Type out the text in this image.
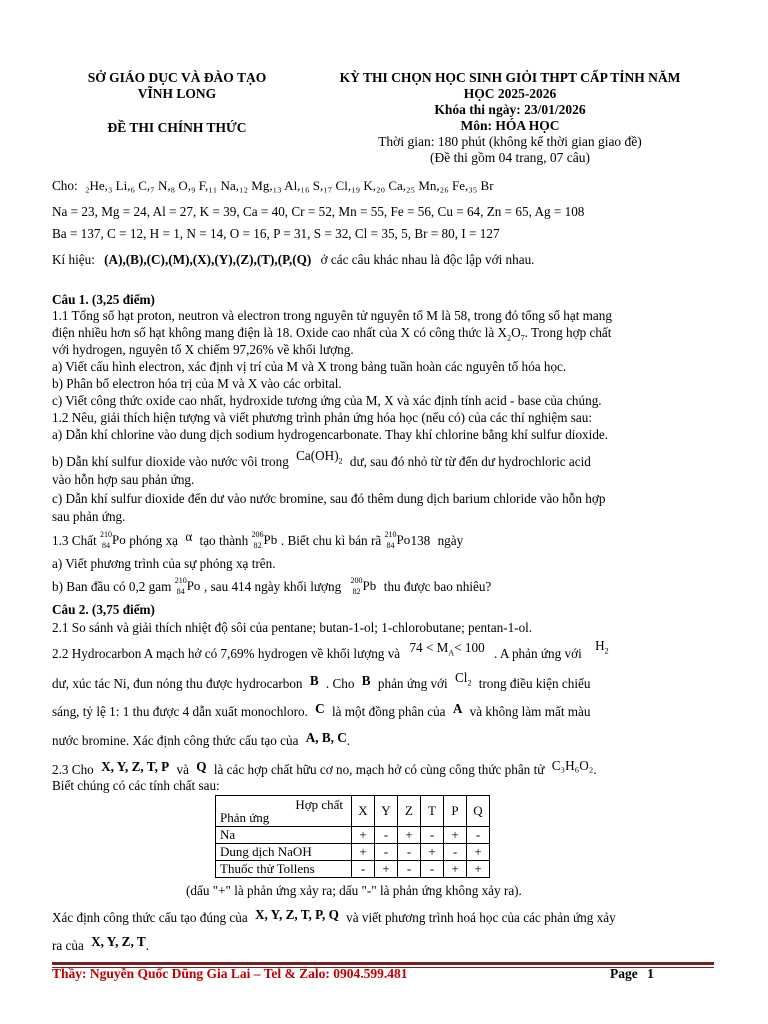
SỞ GIÁO DỤC VÀ ĐÀO TẠO
VĨNH LONG
ĐỀ THI CHÍNH THỨC
KỲ THI CHỌN HỌC SINH GIỎI THPT CẤP TỈNH NĂM
HỌC 2025-2026
Khóa thi ngày: 23/01/2026
Môn: HÓA HỌC
Thời gian: 180 phút (không kể thời gian giao đề)
(Đề thi gồm 04 trang, 07 câu)
Cho: ₂He,₃ Li,₆ C,₇ N,₈ O,₉ F,₁₁ Na,₁₂ Mg,₁₃ Al,₁₆ S,₁₇ Cl,₁₉ K,₂₀ Ca,₂₅ Mn,₂₆ Fe,₃₅ Br
Na = 23, Mg = 24, Al = 27, K = 39, Ca = 40, Cr = 52, Mn = 55, Fe = 56, Cu = 64, Zn = 65, Ag = 108
Ba = 137, C = 12, H = 1, N = 14, O = 16, P = 31, S = 32, Cl = 35, 5, Br = 80, I = 127
Kí hiệu: (A),(B),(C),(M),(X),(Y),(Z),(T),(P,(Q) ở các câu khác nhau là độc lập với nhau.
Câu 1. (3,25 điểm)
1.1 Tổng số hạt proton, neutron và electron trong nguyên tử nguyên tố M là 58, trong đó tổng số hạt mang
điện nhiều hơn số hạt không mang điện là 18. Oxide cao nhất của X có công thức là $X_2O_7$. Trong hợp chất
với hydrogen, nguyên tố X chiếm 97,26% về khối lượng.
a) Viết cấu hình electron, xác định vị trí của M và X trong bảng tuần hoàn các nguyên tố hóa học.
b) Phân bố electron hóa trị của M và X vào các orbital.
c) Viết công thức oxide cao nhất, hydroxide tương ứng của M, X và xác định tính acid - base của chúng.
1.2 Nêu, giải thích hiện tượng và viết phương trình phản ứng hóa học (nếu có) của các thí nghiệm sau:
a) Dẫn khí chlorine vào dung dịch sodium hydrogencarbonate. Thay khí chlorine bằng khí sulfur dioxide.
b) Dẫn khí sulfur dioxide vào nước vôi trong $Ca(OH)_2$ dư, sau đó nhỏ từ từ đến dư hydrochloric acid
vào hỗn hợp sau phản ứng.
c) Dẫn khí sulfur dioxide đến dư vào nước bromine, sau đó thêm dung dịch barium chloride vào hỗn hợp
sau phản ứng.
1.3 Chất 210
84 Po phóng xạ α tạo thành 206
82 Pb . Biết chu kì bán rã 210
84 Po 138 ngày
a) Viết phương trình của sự phóng xạ trên.
b) Ban đầu có 0,2 gam 210
84 Po , sau 414 ngày khối lượng 200
82 Pb thu được bao nhiêu?
Câu 2. (3,75 điểm)
2.1 So sánh và giải thích nhiệt độ sôi của pentane; butan-1-ol; 1-chlorobutane; pentan-1-ol.
2.2 Hydrocarbon A mạch hở có 7,69% hydrogen về khối lượng và $74 < M_A< 100$ . A phản ứng với $H_2$
dư, xúc tác Ni, đun nóng thu được hydrocarbon B . Cho B phản ứng với $Cl_2$ trong điều kiện chiếu
sáng, tỷ lệ 1: 1 thu được 4 dẫn xuất monochloro. C là một đồng phân của A và không làm mất màu
nước bromine. Xác định công thức cấu tạo của A, B, C.
2.3 Cho X, Y, Z, T, P và Q là các hợp chất hữu cơ no, mạch hở có cùng công thức phân tử C₃H₆O₂.
Biết chúng có các tính chất sau:
Hợp chất
Phản ứng	X	Y	Z	T	P	Q
Na	+	-	+	-	+	-
Dung dịch NaOH	+	-	-	+	-	+
Thuốc thử Tollens	-	+	-	-	+	+
(dấu "+" là phản ứng xảy ra; dấu "-" là phản ứng không xảy ra).
Xác định công thức cấu tạo đúng của X, Y, Z, T, P, Q và viết phương trình hoá học của các phản ứng xảy
ra của X, Y, Z, T.
Thầy: Nguyễn Quốc Dũng Gia Lai – Tel & Zalo: 0904.599.481	Page 1
